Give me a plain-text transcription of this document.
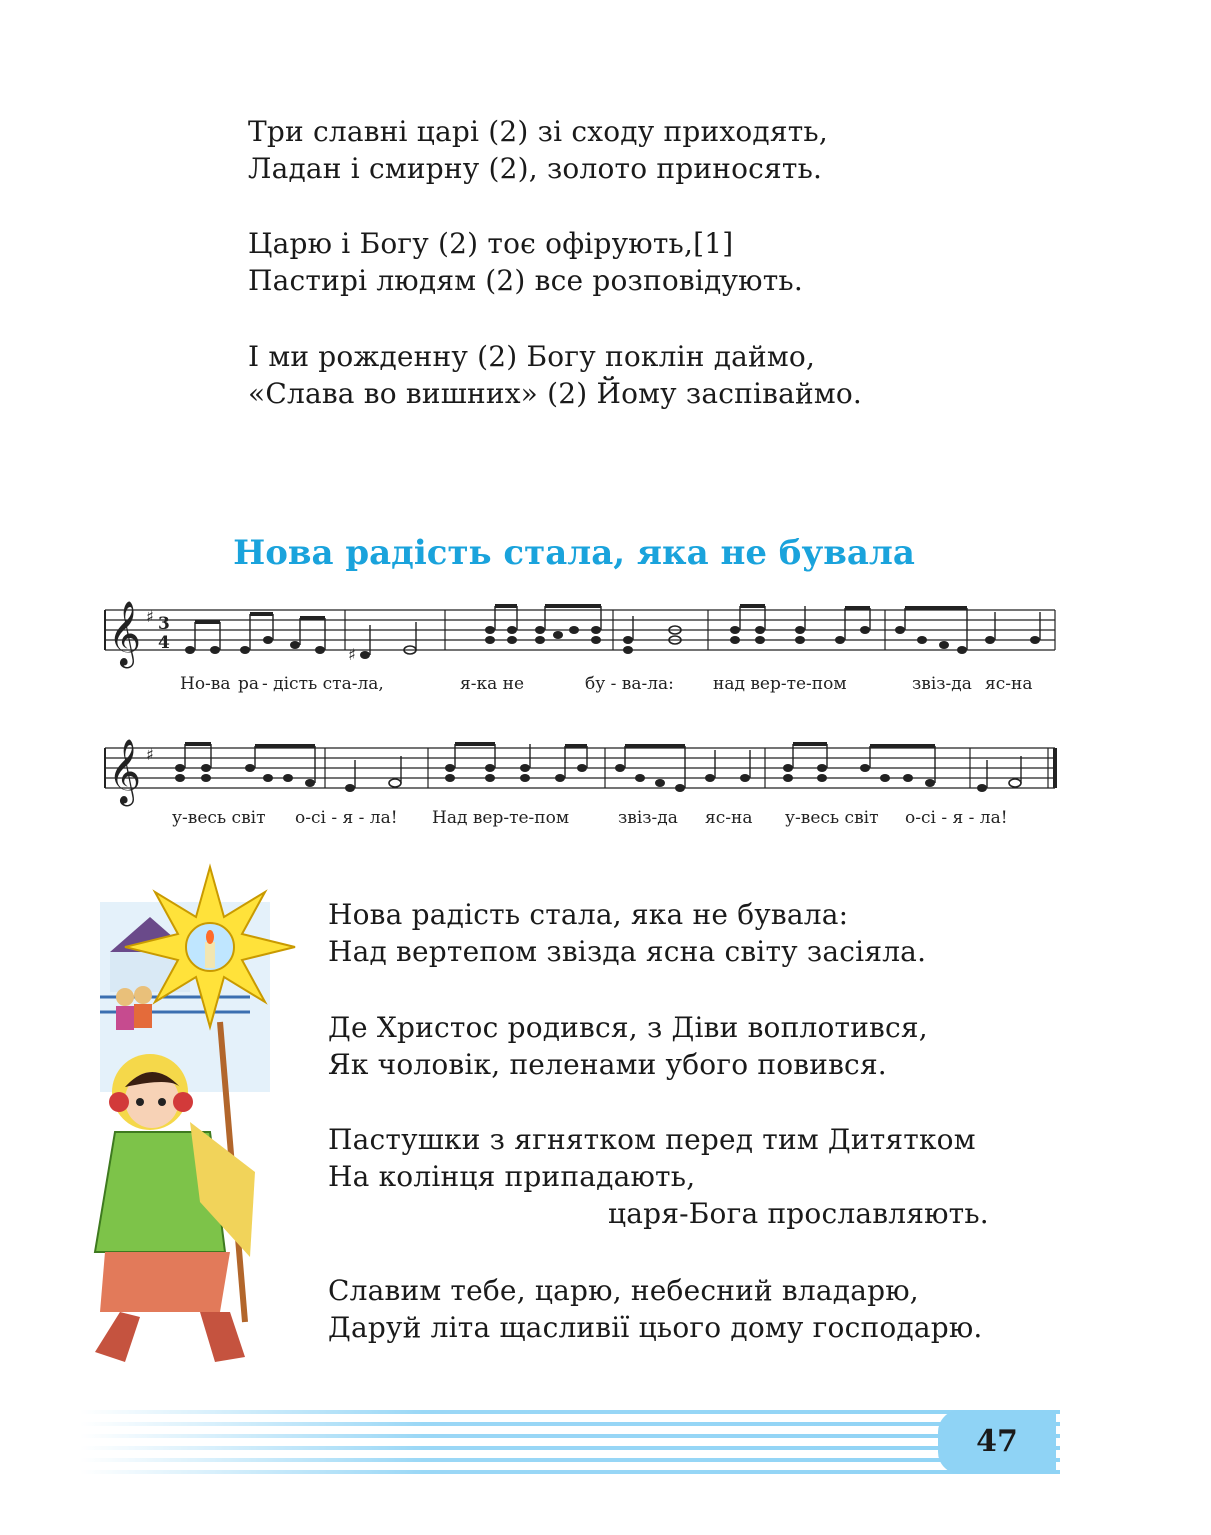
Три славні царі (2) зі сходу приходять,
Ладан і смирну (2), золото приносять.
Царю і Богу (2) тоє офірують,[1]
Пастирі людям (2) все розповідують.
І ми рожденну (2) Богу поклін даймо,
«Слава во вишних» (2) Йому заспіваймо.
Нова радість стала, яка не бувала
𝄞 ♯ 3
4
♯
Но-ва ра - дість ста-ла,	я-ка не	бу - ва-ла: над вер-те-пом	звіз-да яс-на
𝄞 ♯
у-весь світ о-сі - я - ла! Над вер-те-пом	звіз-да яс-на у-весь світ о-сі - я - ла!
Нова радість стала, яка не бувала:
Над вертепом звізда ясна світу засіяла.
Де Христос родився, з Діви воплотився,
Як чоловік, пеленами убого повився.
Пастушки з ягнятком перед тим Дитятком
На колінця припадають,
царя-Бога прославляють.
Славим тебе, царю, небесний владарю,
Даруй літа щасливії цього дому господарю.
47
